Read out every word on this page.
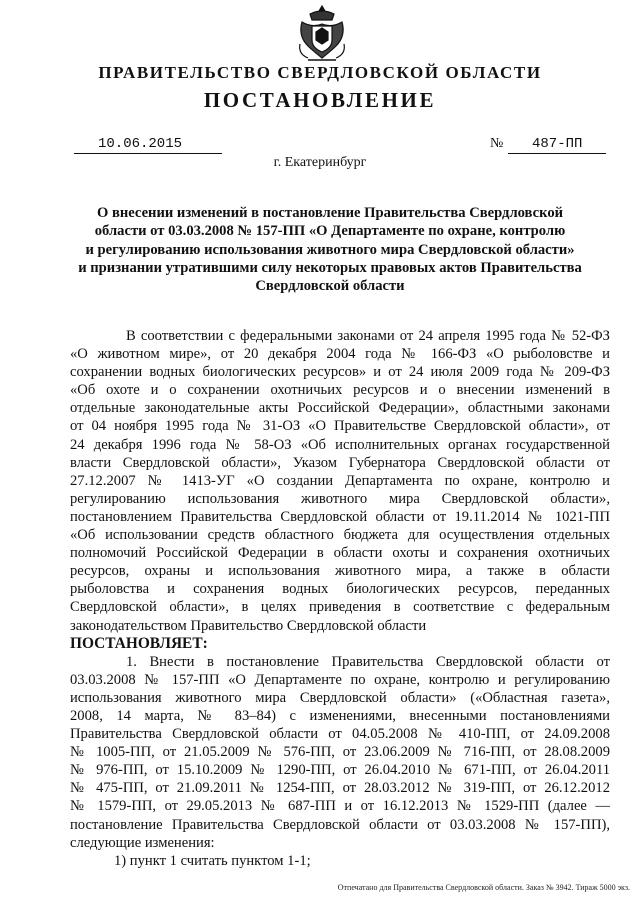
ПРАВИТЕЛЬСТВО СВЕРДЛОВСКОЙ ОБЛАСТИ
ПОСТАНОВЛЕНИЕ
10.06.2015	№	487-ПП
г. Екатеринбург
О внесении изменений в постановление Правительства Свердловской
области от 03.03.2008 № 157-ПП «О Департаменте по охране, контролю
и регулированию использования животного мира Свердловской области»
и признании утратившими силу некоторых правовых актов Правительства
Свердловской области
В соответствии с федеральными законами от 24 апреля 1995 года № 52-ФЗ
«О животном мире», от 20 декабря 2004 года № 166-ФЗ «О рыболовстве и
сохранении водных биологических ресурсов» и от 24 июля 2009 года № 209-ФЗ
«Об охоте и о сохранении охотничьих ресурсов и о внесении изменений в
отдельные законодательные акты Российской Федерации», областными законами
от 04 ноября 1995 года № 31-ОЗ «О Правительстве Свердловской области», от
24 декабря 1996 года № 58-ОЗ «Об исполнительных органах государственной
власти Свердловской области», Указом Губернатора Свердловской области от
27.12.2007 № 1413-УГ «О создании Департамента по охране, контролю и
регулированию использования животного мира Свердловской области»,
постановлением Правительства Свердловской области от 19.11.2014 № 1021-ПП
«Об использовании средств областного бюджета для осуществления отдельных
полномочий Российской Федерации в области охоты и сохранения охотничьих
ресурсов, охраны и использования животного мира, а также в области
рыболовства и сохранения водных биологических ресурсов, переданных
Свердловской области», в целях приведения в соответствие с федеральным
законодательством Правительство Свердловской области
ПОСТАНОВЛЯЕТ:
1. Внести в постановление Правительства Свердловской области от
03.03.2008 № 157-ПП «О Департаменте по охране, контролю и регулированию
использования животного мира Свердловской области» («Областная газета»,
2008, 14 марта, № 83–84) с изменениями, внесенными постановлениями
Правительства Свердловской области от 04.05.2008 № 410-ПП, от 24.09.2008
№ 1005-ПП, от 21.05.2009 № 576-ПП, от 23.06.2009 № 716-ПП, от 28.08.2009
№ 976-ПП, от 15.10.2009 № 1290-ПП, от 26.04.2010 № 671-ПП, от 26.04.2011
№ 475-ПП, от 21.09.2011 № 1254-ПП, от 28.03.2012 № 319-ПП, от 26.12.2012
№ 1579-ПП, от 29.05.2013 № 687-ПП и от 16.12.2013 № 1529-ПП (далее —
постановление Правительства Свердловской области от 03.03.2008 № 157-ПП),
следующие изменения:
1) пункт 1 считать пунктом 1-1;
Отпечатано для Правительства Свердловской области. Заказ № 3942. Тираж 5000 экз.
